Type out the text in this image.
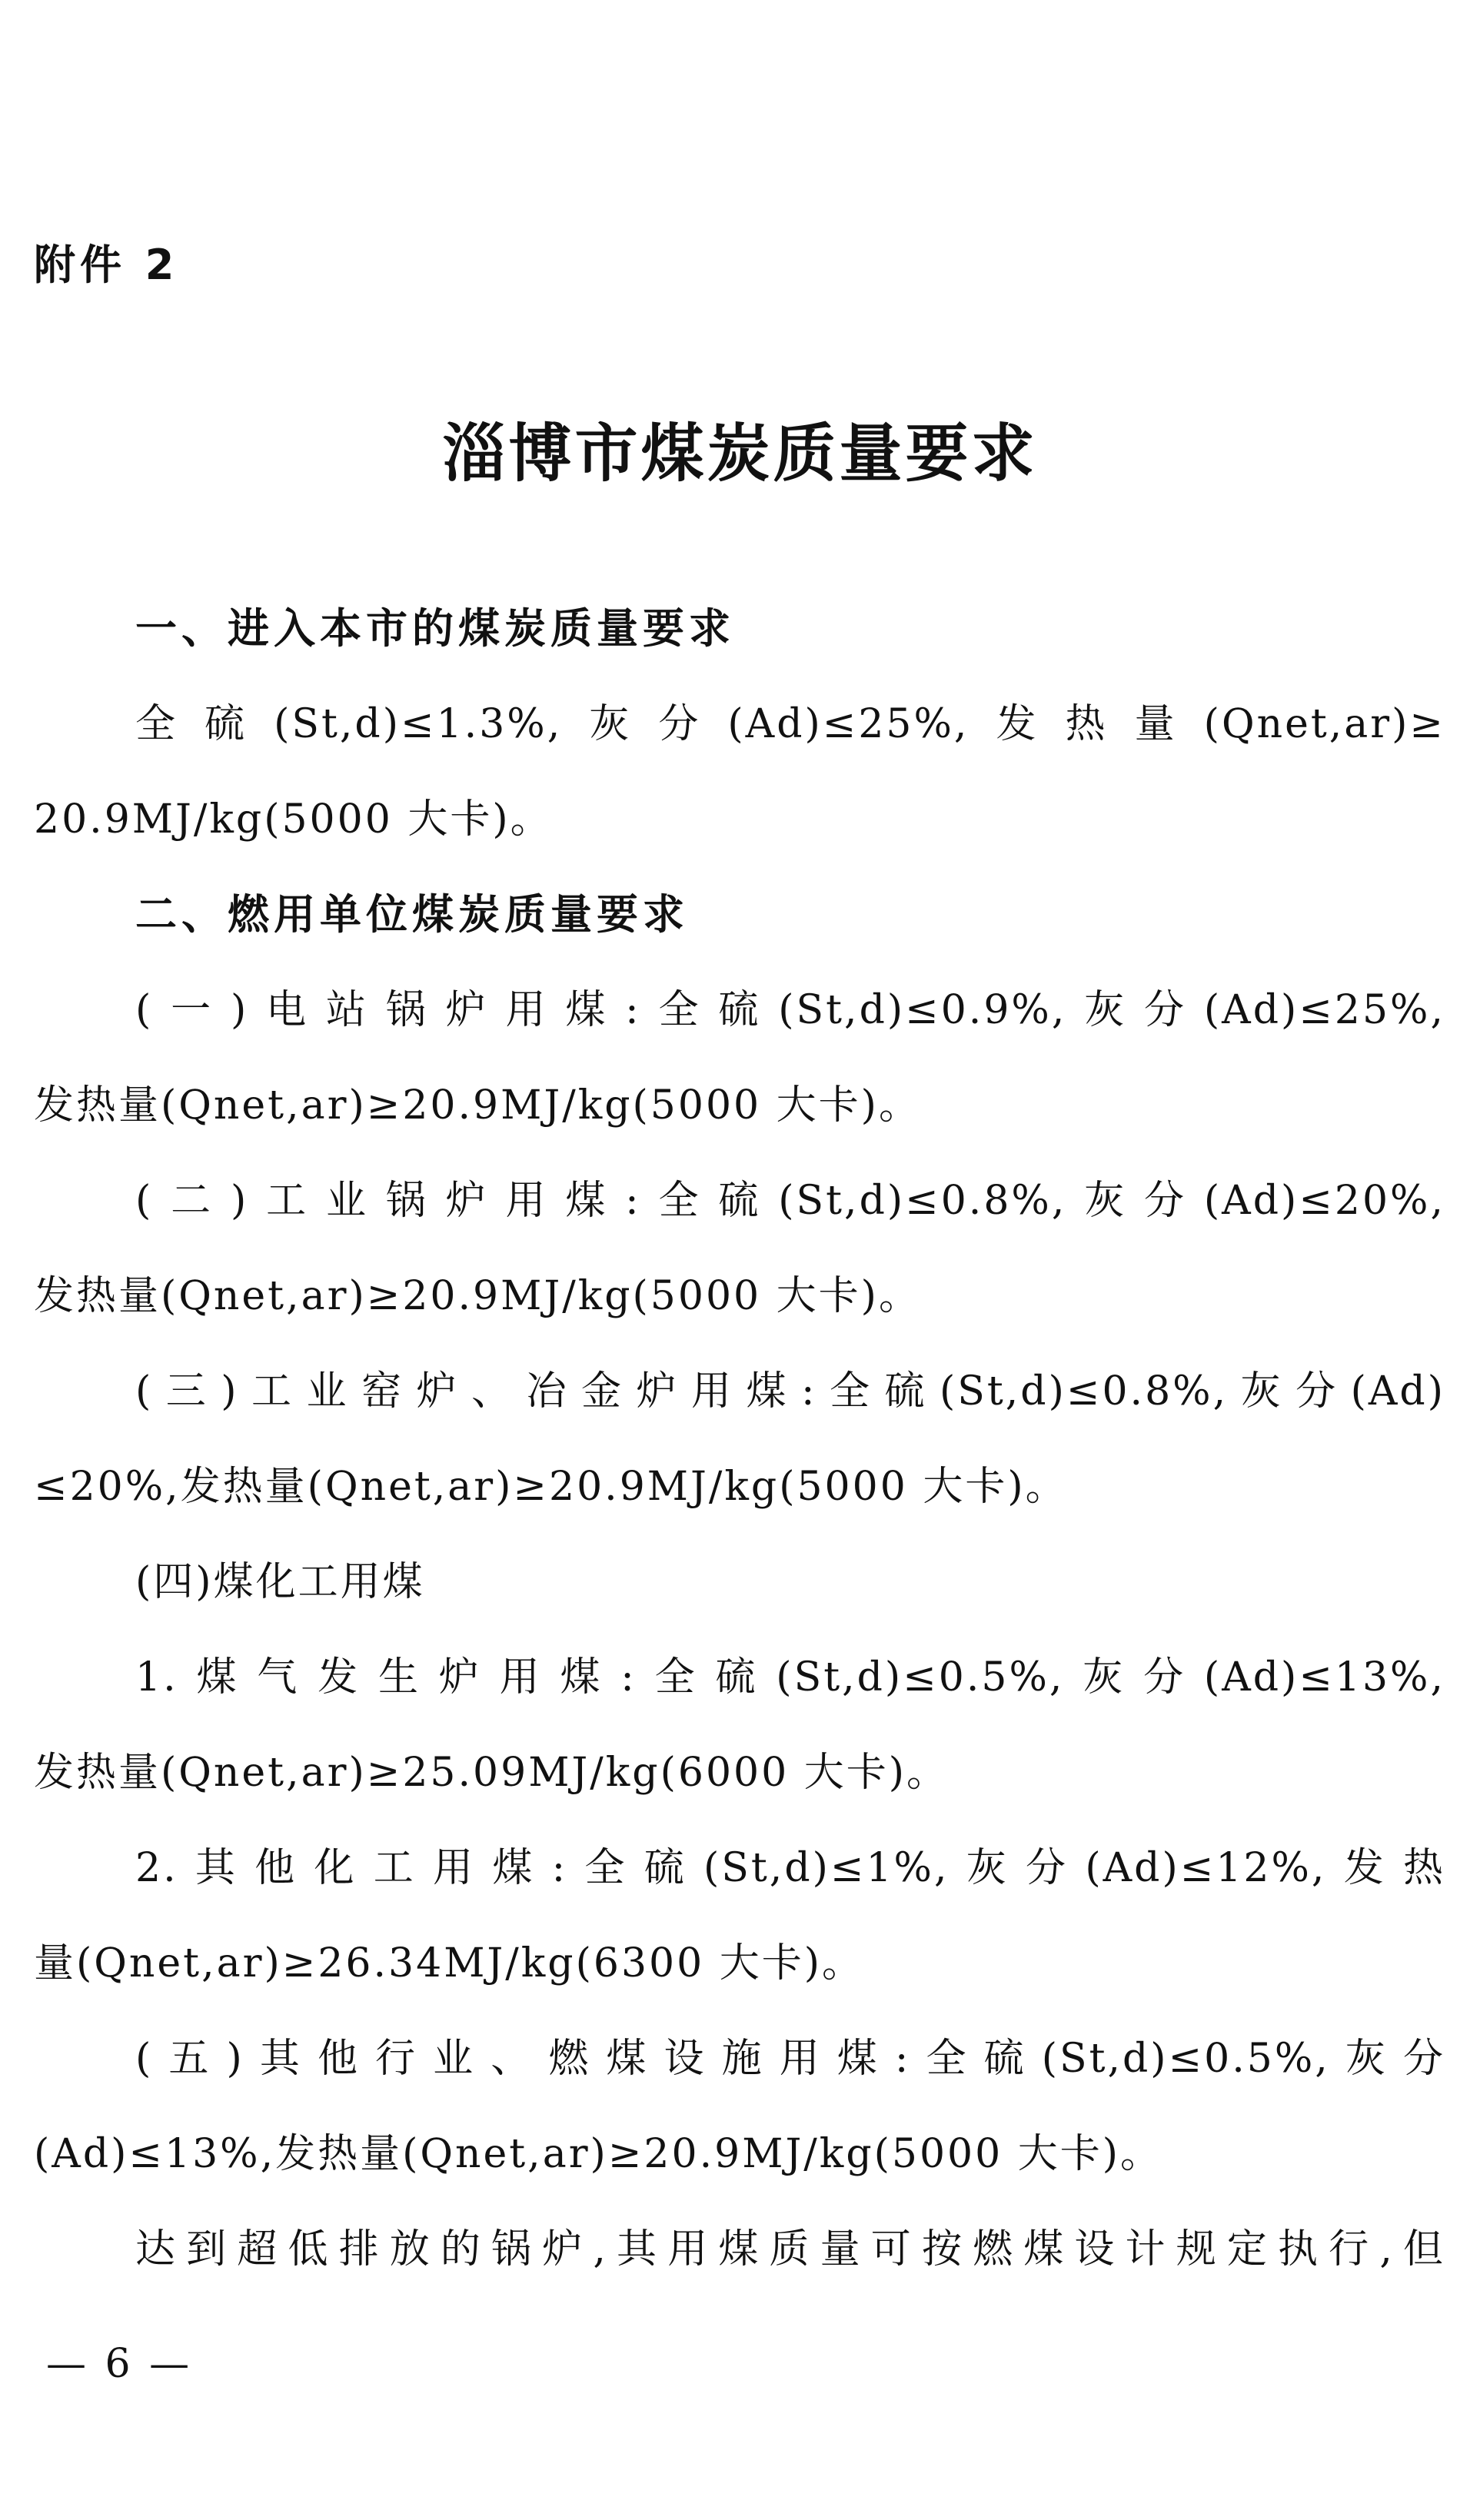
附件 2
淄博市煤炭质量要求
一、进入本市的煤炭质量要求
全硫(St,d)≤1.3%,灰分(Ad)≤25%,发热量(Qnet,ar)≥
20.9MJ/kg(5000 大卡)。
二、燃用单位煤炭质量要求
(一)电站锅炉用煤:全硫(St,d)≤0.9%,灰分(Ad)≤25%,
发热量(Qnet,ar)≥20.9MJ/kg(5000 大卡)。
(二)工业锅炉用煤:全硫(St,d)≤0.8%,灰分(Ad)≤20%,
发热量(Qnet,ar)≥20.9MJ/kg(5000 大卡)。
(三)工业窑炉、冶金炉用煤:全硫(St,d)≤0.8%,灰分(Ad)
≤20%,发热量(Qnet,ar)≥20.9MJ/kg(5000 大卡)。
(四)煤化工用煤
1.煤气发生炉用煤:全硫(St,d)≤0.5%,灰分(Ad)≤13%,
发热量(Qnet,ar)≥25.09MJ/kg(6000 大卡)。
2.其他化工用煤:全硫(St,d)≤1%,灰分(Ad)≤12%,发热
量(Qnet,ar)≥26.34MJ/kg(6300 大卡)。
(五)其他行业、燃煤设施用煤:全硫(St,d)≤0.5%,灰分
(Ad)≤13%,发热量(Qnet,ar)≥20.9MJ/kg(5000 大卡)。
达到超低排放的锅炉,其用煤质量可按燃煤设计规定执行,但
— 6 —
